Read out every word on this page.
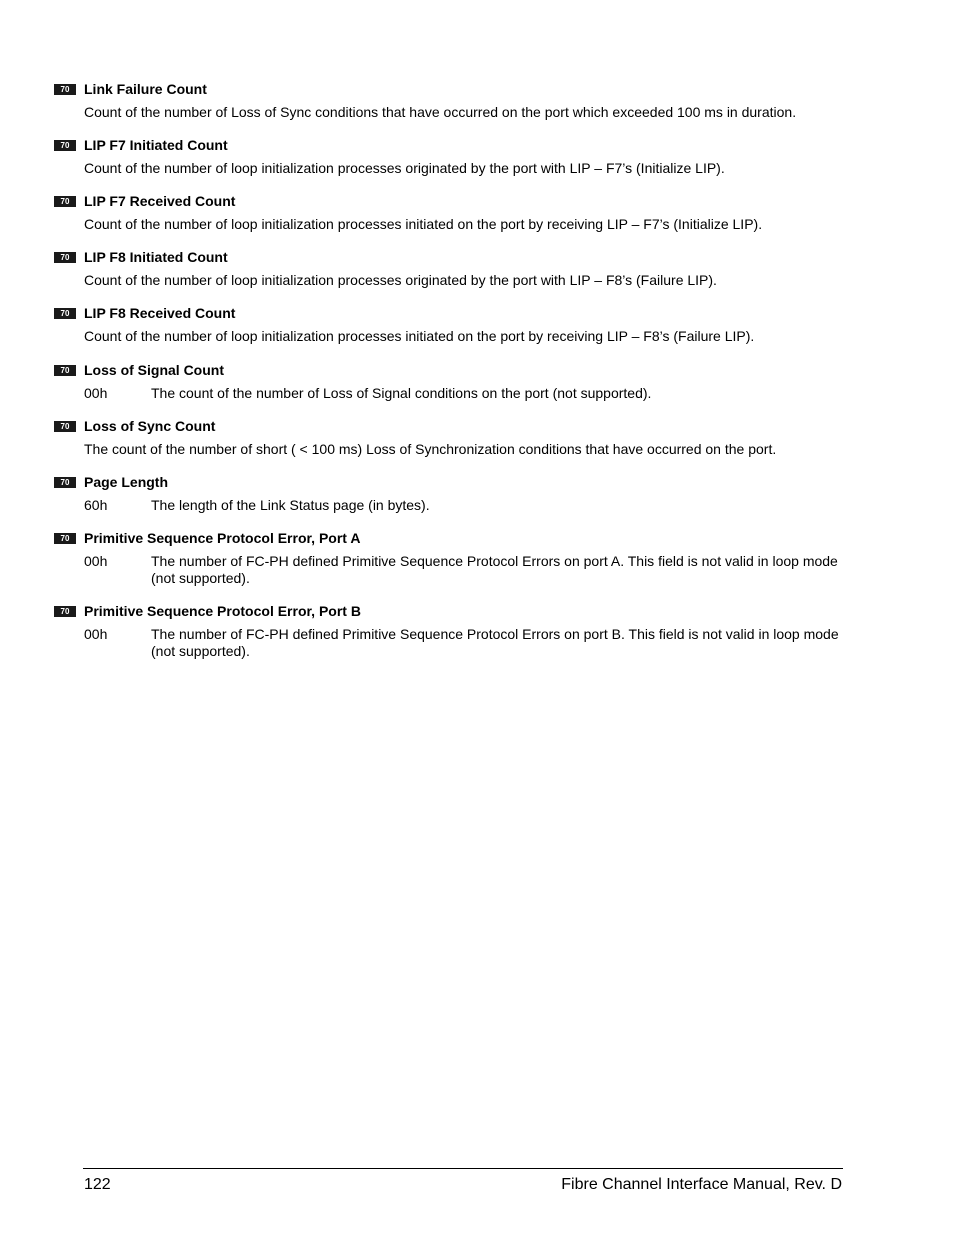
70	Link Failure Count
Count of the number of Loss of Sync conditions that have occurred on the port which exceeded 100 ms in duration.
70	LIP F7 Initiated Count
Count of the number of loop initialization processes originated by the port with LIP – F7’s (Initialize LIP).
70	LIP F7 Received Count
Count of the number of loop initialization processes initiated on the port by receiving LIP – F7’s (Initialize LIP).
70	LIP F8 Initiated Count
Count of the number of loop initialization processes originated by the port with LIP – F8’s (Failure LIP).
70	LIP F8 Received Count
Count of the number of loop initialization processes initiated on the port by receiving LIP – F8’s (Failure LIP).
70	Loss of Signal Count
00h	The count of the number of Loss of Signal conditions on the port (not supported).
70	Loss of Sync Count
The count of the number of short ( < 100 ms) Loss of Synchronization conditions that have occurred on the port.
70	Page Length
60h	The length of the Link Status page (in bytes).
70	Primitive Sequence Protocol Error, Port A
00h	The number of FC-PH defined Primitive Sequence Protocol Errors on port A. This field is not valid in loop mode (not supported).
70	Primitive Sequence Protocol Error, Port B
00h	The number of FC-PH defined Primitive Sequence Protocol Errors on port B. This field is not valid in loop mode (not supported).
122	Fibre Channel Interface Manual, Rev. D
